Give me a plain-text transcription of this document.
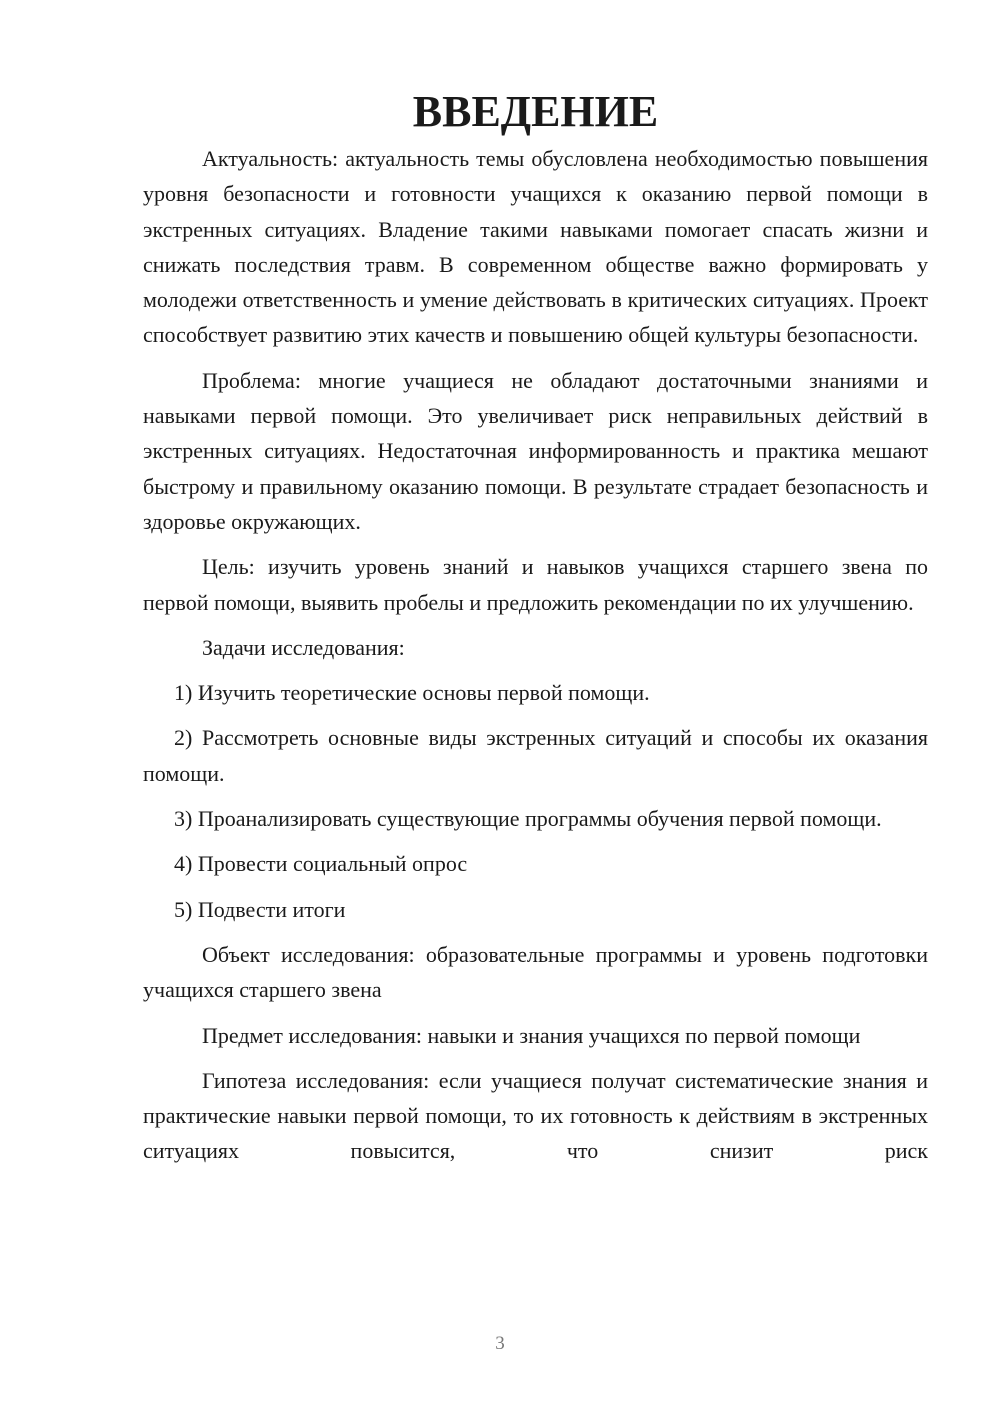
ВВЕДЕНИЕ

Актуальность: актуальность темы обусловлена необходимостью повышения уровня безопасности и готовности учащихся к оказанию первой помощи в экстренных ситуациях. Владение такими навыками помогает спасать жизни и снижать последствия травм. В современном обществе важно формировать у молодежи ответственность и умение действовать в критических ситуациях. Проект способствует развитию этих качеств и повышению общей культуры безопасности.

Проблема: многие учащиеся не обладают достаточными знаниями и навыками первой помощи. Это увеличивает риск неправильных действий в экстренных ситуациях. Недостаточная информированность и практика мешают быстрому и правильному оказанию помощи. В результате страдает безопасность и здоровье окружающих.

Цель: изучить уровень знаний и навыков учащихся старшего звена по первой помощи, выявить пробелы и предложить рекомендации по их улучшению.

Задачи исследования:

1) Изучить теоретические основы первой помощи.

2) Рассмотреть основные виды экстренных ситуаций и способы их оказания помощи.

3) Проанализировать существующие программы обучения первой помощи.

4) Провести социальный опрос

5) Подвести итоги

Объект исследования: образовательные программы и уровень подготовки учащихся старшего звена

Предмет исследования: навыки и знания учащихся по первой помощи

Гипотеза исследования: если учащиеся получат систематические знания и практические навыки первой помощи, то их готовность к действиям в экстренных ситуациях повысится, что снизит риск

3
